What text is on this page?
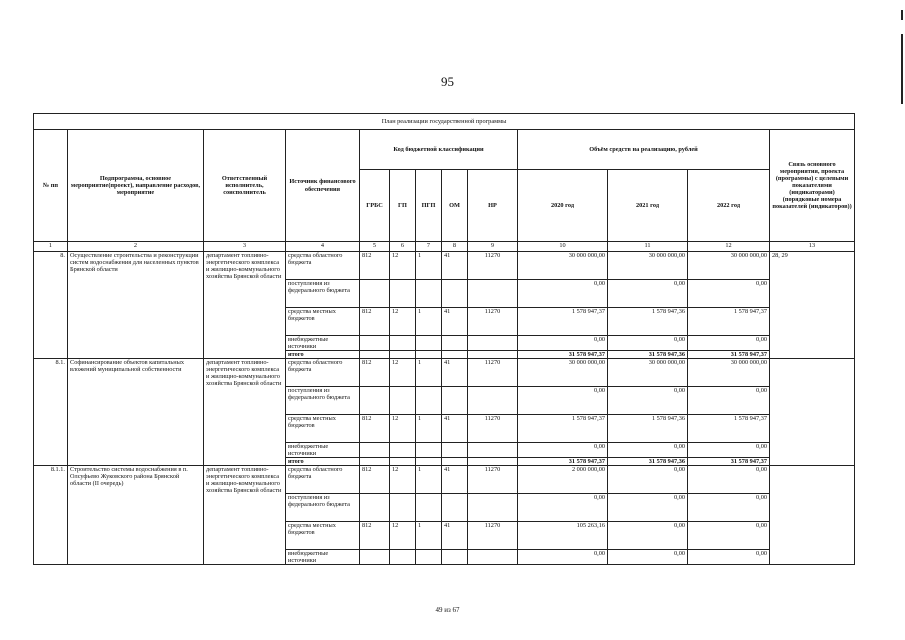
95
План реализации государственной программы												
№ пп	Подпрограмма, основное мероприятие(проект), направление расходов, мероприятие	Ответственный исполнитель, соисполнитель	Источник финансового обеспечения	Код бюджетной классификации					Объём средств на реализацию, рублей			Связь основного мероприятия, проекта (программы) с целевыми показателями (индикаторами) (порядковые номера показателей (индикаторов))
				ГРБС	ГП	ПГП	ОМ	НР	2020 год	2021 год	2022 год	
1	2	3	4	5	6	7	8	9	10	11	12	13
8.	Осуществление строительства и реконструкции систем водоснабжения для населенных пунктов Брянской области	департамент топливно-энергетического комплекса и жилищно-коммунального хозяйства Брянской области	средства областного бюджета	812	12	1	41	11270	30 000 000,00	30 000 000,00	30 000 000,00	28, 29
			поступления из федерального бюджета						0,00	0,00	0,00	
			средства местных бюджетов	812	12	1	41	11270	1 578 947,37	1 578 947,36	1 578 947,37	
			внебюджетные источники						0,00	0,00	0,00	
			итого						31 578 947,37	31 578 947,36	31 578 947,37	
8.1.	Софинансирование объектов капитальных вложений муниципальной собственности	департамент топливно-энергетического комплекса и жилищно-коммунального хозяйства Брянской области	средства областного бюджета	812	12	1	41	11270	30 000 000,00	30 000 000,00	30 000 000,00	
			поступления из федерального бюджета						0,00	0,00	0,00	
			средства местных бюджетов	812	12	1	41	11270	1 578 947,37	1 578 947,36	1 578 947,37	
			внебюджетные источники						0,00	0,00	0,00	
			итого						31 578 947,37	31 578 947,36	31 578 947,37	
8.1.1.	Строительство системы водоснабжения в п. Олсуфьево Жуковского района Брянской области (II очередь)	департамент топливно-энергетического комплекса и жилищно-коммунального хозяйства Брянской области	средства областного бюджета	812	12	1	41	11270	2 000 000,00	0,00	0,00	
			поступления из федерального бюджета						0,00	0,00	0,00	
			средства местных бюджетов	812	12	1	41	11270	105 263,16	0,00	0,00	
			внебюджетные источники						0,00	0,00	0,00	
49 из 67
